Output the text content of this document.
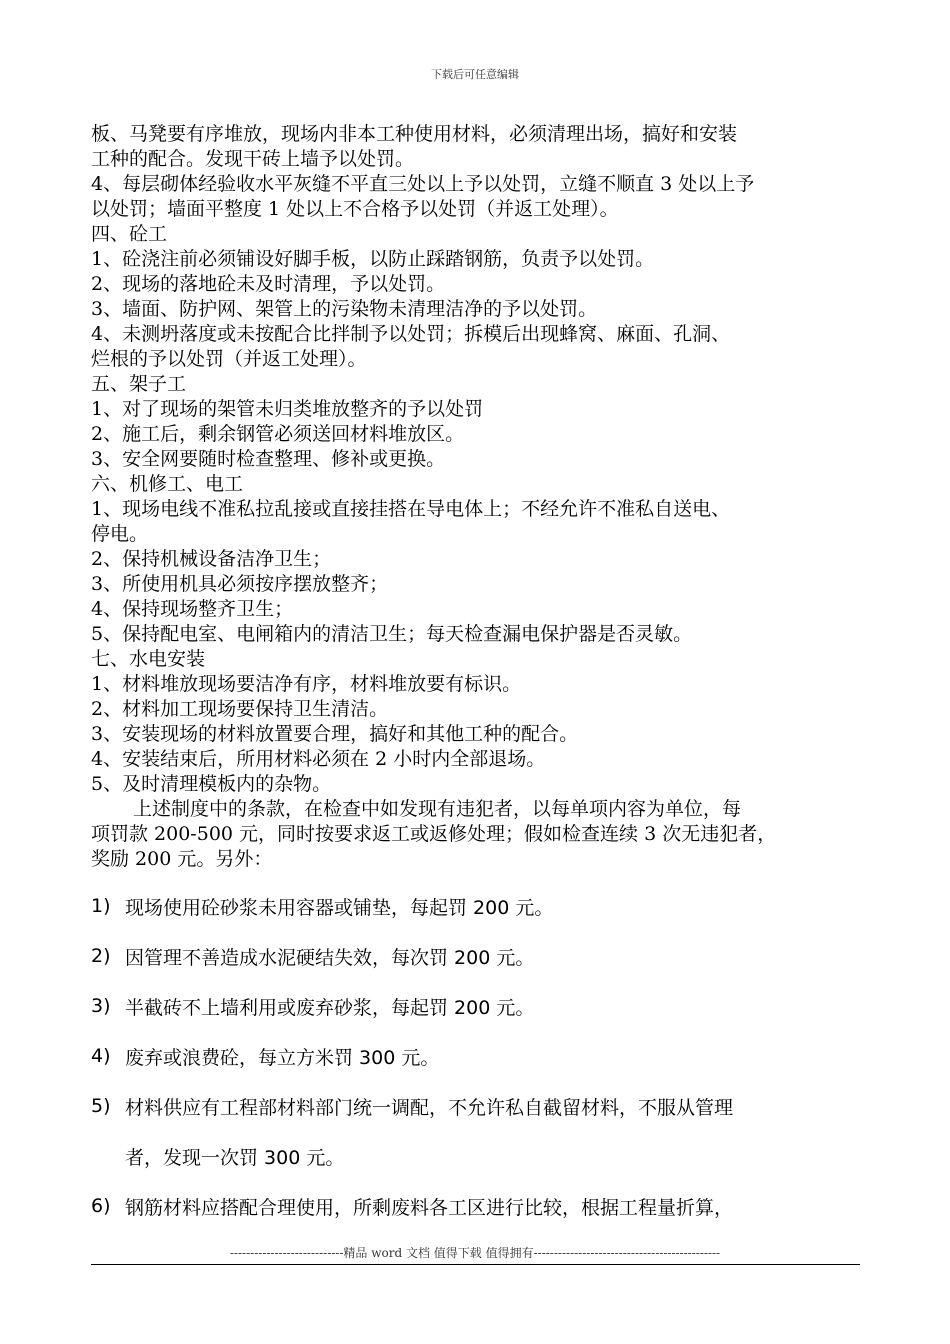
下载后可任意编辑

板、马凳要有序堆放，现场内非本工种使用材料，必须清理出场，搞好和安装

工种的配合。发现干砖上墙予以处罚。

4、每层砌体经验收水平灰缝不平直三处以上予以处罚，立缝不顺直 3 处以上予

以处罚；墙面平整度 1 处以上不合格予以处罚（并返工处理）。

四、砼工

1、砼浇注前必须铺设好脚手板，以防止踩踏钢筋，负责予以处罚。

2、现场的落地砼未及时清理，予以处罚。

3、墙面、防护网、架管上的污染物未清理洁净的予以处罚。

4、未测坍落度或未按配合比拌制予以处罚；拆模后出现蜂窝、麻面、孔洞、

烂根的予以处罚（并返工处理）。

五、架子工

1、对了现场的架管未归类堆放整齐的予以处罚

2、施工后，剩余钢管必须送回材料堆放区。

3、安全网要随时检查整理、修补或更换。

六、机修工、电工

1、现场电线不准私拉乱接或直接挂搭在导电体上；不经允许不准私自送电、

停电。

2、保持机械设备洁净卫生；

3、所使用机具必须按序摆放整齐；

4、保持现场整齐卫生；

5、保持配电室、电闸箱内的清洁卫生；每天检查漏电保护器是否灵敏。

七、水电安装

1、材料堆放现场要洁净有序，材料堆放要有标识。

2、材料加工现场要保持卫生清洁。

3、安装现场的材料放置要合理，搞好和其他工种的配合。

4、安装结束后，所用材料必须在 2 小时内全部退场。

5、及时清理模板内的杂物。

上述制度中的条款，在检查中如发现有违犯者，以每单项内容为单位，每

项罚款 200-500 元，同时按要求返工或返修处理；假如检查连续 3 次无违犯者，

奖励 200 元。另外：

1) 现场使用砼砂浆未用容器或铺垫，每起罚 200 元。
2) 因管理不善造成水泥硬结失效，每次罚 200 元。
3) 半截砖不上墙利用或废弃砂浆，每起罚 200 元。
4) 废弃或浪费砼，每立方米罚 300 元。
5) 材料供应有工程部材料部门统一调配，不允许私自截留材料，不服从管理
者，发现一次罚 300 元。
6) 钢筋材料应搭配合理使用，所剩废料各工区进行比较，根据工程量折算，
----------------------------精品 word 文档 值得下载 值得拥有----------------------------------------------
